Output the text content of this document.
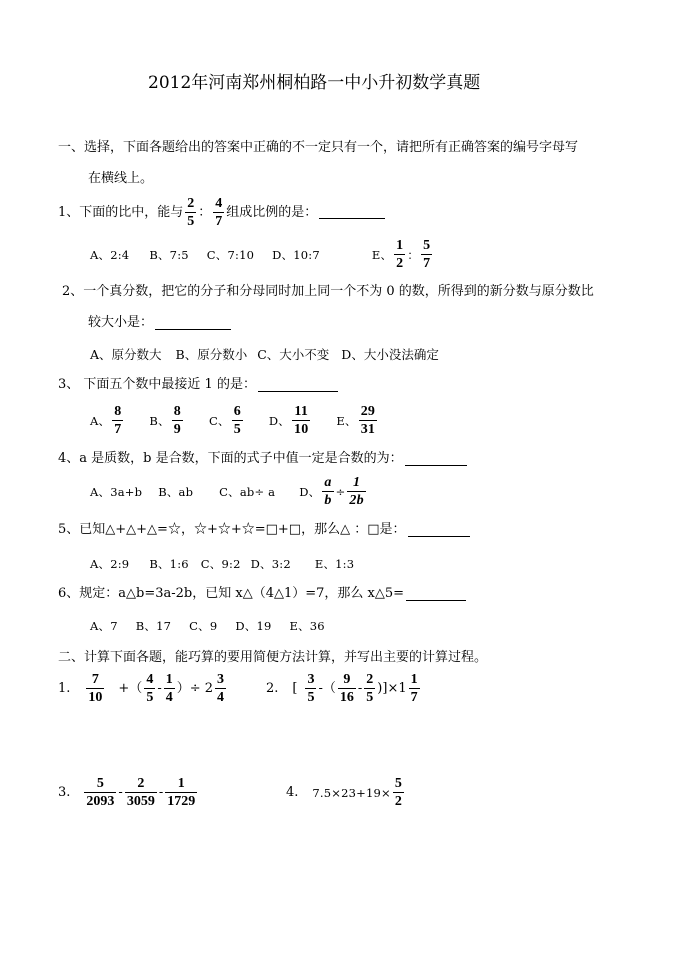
2012年河南郑州桐柏路一中小升初数学真题
一、选择，下面各题给出的答案中正确的不一定只有一个，请把所有正确答案的编号字母写
在横线上。
1、下面的比中，能与 $\frac{2}{5}$ ： $\frac{4}{7}$ 组成比例的是：
A、2:4 B、7:5 C、7:10 D、10:7	E、 $\frac{1}{2}$ ： $\frac{5}{7}$
2、一个真分数，把它的分子和分母同时加上同一个不为 0 的数，所得到的新分数与原分数比
较大小是：
A、原分数大 B、原分数小 C、大小不变 D、大小没法确定
3、 下面五个数中最接近 1 的是：
A、 $\frac{8}{7}$ B、 $\frac{8}{9}$ C、 $\frac{6}{5}$ D、 $\frac{11}{10}$ E、 $\frac{29}{31}$
4、a 是质数，b 是合数，下面的式子中值一定是合数的为：
A、3a+b B、ab C、ab÷ a D、 $\frac{a}{b} \div \frac{1}{2b}$
5、已知△+△+△=☆，☆+☆+☆=□+□，那么△ ：□是：
A、2:9 B、1:6 C、9:2 D、3:2 E、1:3
6、规定：a△b=3a-2b，已知 x△（4△1）=7，那么 x△5=
A、7 B、17 C、9 D、19 E、36
二、计算下面各题，能巧算的要用简便方法计算，并写出主要的计算过程。
1. $\frac{7}{10}$ +（ $\frac{4}{5} - \frac{1}{4}$ ）÷ $2 \frac{3}{4}$	2. [ $\frac{3}{5}$ -（ $\frac{9}{16} - \frac{2}{5} )]\times 1 \frac{1}{7}$
3. $\frac{5}{2093} - \frac{2}{3059} - \frac{1}{1729}$	4. $7.5\times 23+19\times \frac{5}{2}$
